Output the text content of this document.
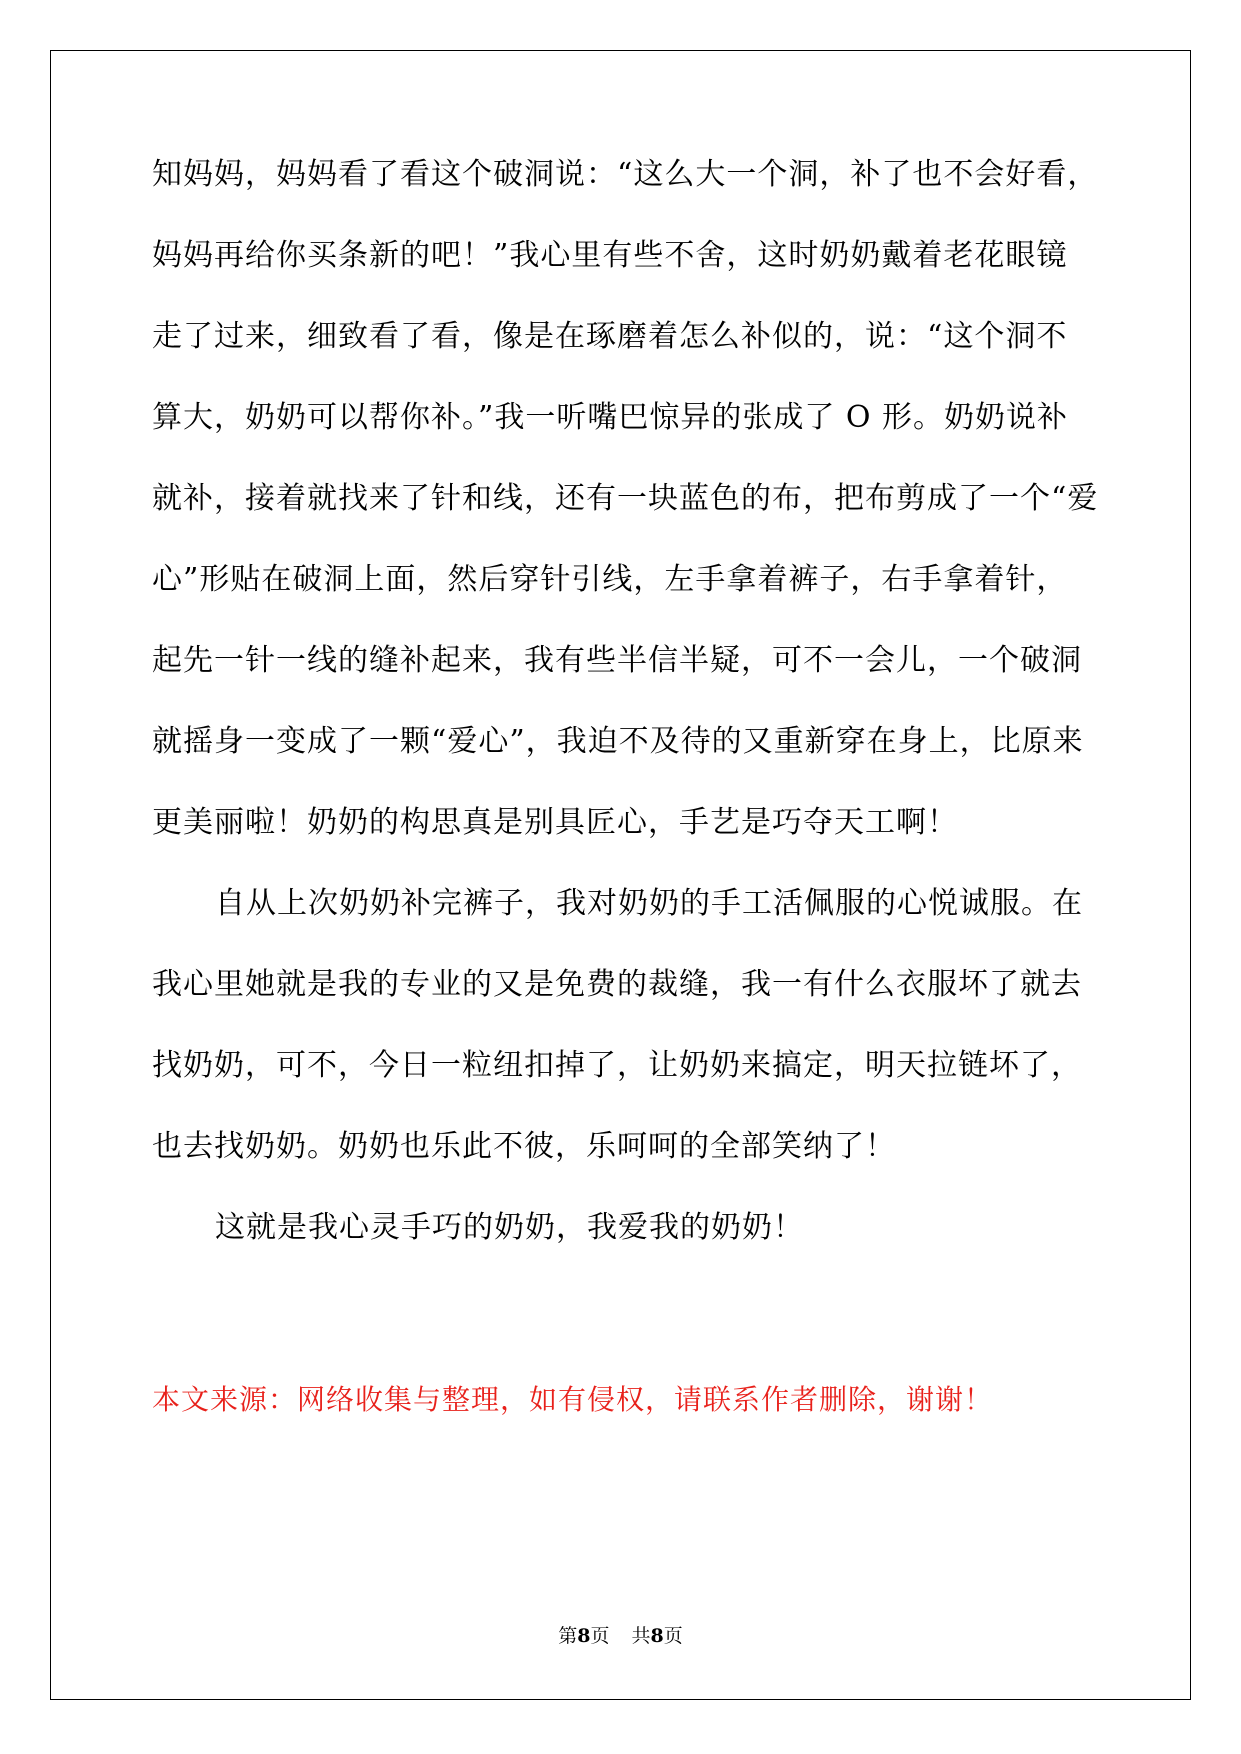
知妈妈，妈妈看了看这个破洞说：“这么大一个洞，补了也不会好看，
妈妈再给你买条新的吧！”我心里有些不舍，这时奶奶戴着老花眼镜
走了过来，细致看了看，像是在琢磨着怎么补似的，说：“这个洞不
算大，奶奶可以帮你补。”我一听嘴巴惊异的张成了 O 形。奶奶说补
就补，接着就找来了针和线，还有一块蓝色的布，把布剪成了一个“爱
心”形贴在破洞上面，然后穿针引线，左手拿着裤子，右手拿着针，
起先一针一线的缝补起来，我有些半信半疑，可不一会儿，一个破洞
就摇身一变成了一颗“爱心”，我迫不及待的又重新穿在身上，比原来
更美丽啦！奶奶的构思真是别具匠心，手艺是巧夺天工啊！
自从上次奶奶补完裤子，我对奶奶的手工活佩服的心悦诚服。在
我心里她就是我的专业的又是免费的裁缝，我一有什么衣服坏了就去
找奶奶，可不，今日一粒纽扣掉了，让奶奶来搞定，明天拉链坏了，
也去找奶奶。奶奶也乐此不彼，乐呵呵的全部笑纳了！
这就是我心灵手巧的奶奶，我爱我的奶奶！
本文来源：网络收集与整理，如有侵权，请联系作者删除，谢谢！
第8页 共8页
